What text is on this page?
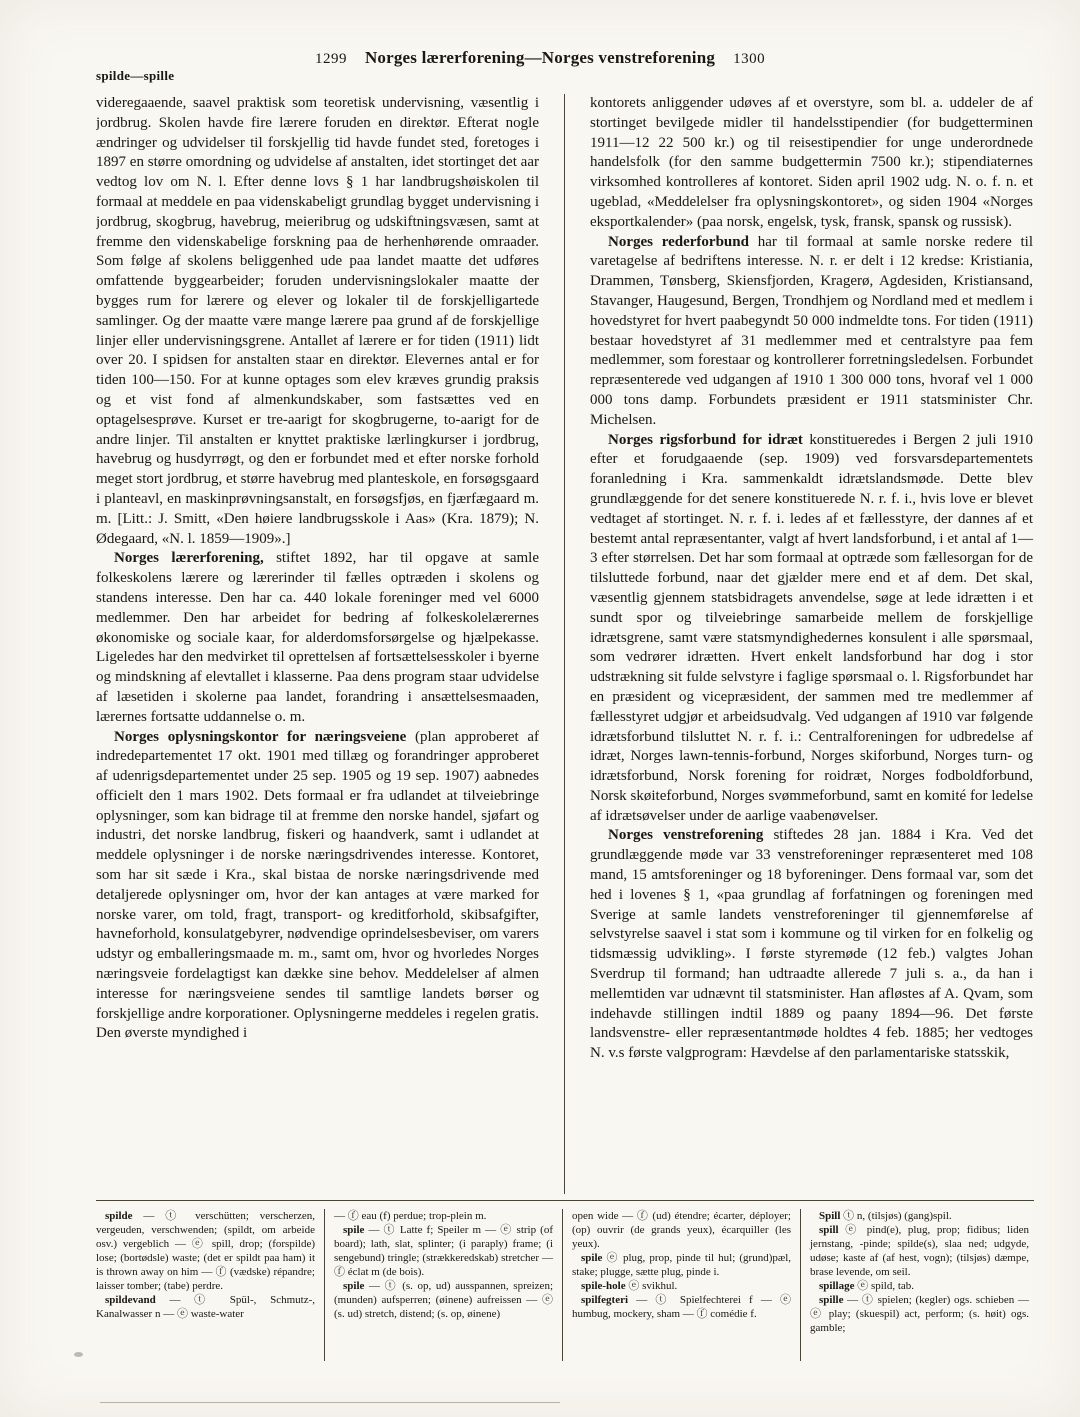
1299 Norges lærerforening—Norges venstreforening 1300
spilde—spille

videregaaende, saavel praktisk som teoretisk undervisning, væsentlig i jordbrug. Skolen havde fire lærere foruden en direktør. Efterat nogle ændringer og udvidelser til forskjellig tid havde fundet sted, foretoges i 1897 en større omordning og udvidelse af anstalten, idet stortinget det aar vedtog lov om N. l. Efter denne lovs § 1 har landbrugshøiskolen til formaal at meddele en paa videnskabeligt grundlag bygget undervisning i jordbrug, skogbrug, havebrug, meieribrug og udskiftningsvæsen, samt at fremme den videnskabelige forskning paa de herhenhørende omraader. Som følge af skolens beliggenhed ude paa landet maatte det udføres omfattende byggearbeider; foruden undervisningslokaler maatte der bygges rum for lærere og elever og lokaler til de forskjelligartede samlinger. Og der maatte være mange lærere paa grund af de forskjellige linjer eller undervisningsgrene. Antallet af lærere er for tiden (1911) lidt over 20. I spidsen for anstalten staar en direktør. Elevernes antal er for tiden 100—150. For at kunne optages som elev kræves grundig praksis og et vist fond af almenkundskaber, som fastsættes ved en optagelsesprøve. Kurset er tre-aarigt for skogbrugerne, to-aarigt for de andre linjer. Til anstalten er knyttet praktiske lærlingkurser i jordbrug, havebrug og husdyrrøgt, og den er forbundet med et efter norske forhold meget stort jordbrug, et større havebrug med planteskole, en forsøgsgaard i planteavl, en maskinprøvningsanstalt, en forsøgsfjøs, en fjærfægaard m. m. [Litt.: J. Smitt, «Den høiere landbrugsskole i Aas» (Kra. 1879); N. Ødegaard, «N. l. 1859—1909».]

Norges lærerforening, stiftet 1892, har til opgave at samle folkeskolens lærere og lærerinder til fælles optræden i skolens og standens interesse. Den har ca. 440 lokale foreninger med vel 6000 medlemmer. Den har arbeidet for bedring af folkeskolelærernes økonomiske og sociale kaar, for alderdomsforsørgelse og hjælpekasse. Ligeledes har den medvirket til oprettelsen af fortsættelsesskoler i byerne og mindskning af elevtallet i klasserne. Paa dens program staar udvidelse af læsetiden i skolerne paa landet, forandring i ansættelsesmaaden, lærernes fortsatte uddannelse o. m.

Norges oplysningskontor for næringsveiene (plan approberet af indredepartementet 17 okt. 1901 med tillæg og forandringer approberet af udenrigsdepartementet under 25 sep. 1905 og 19 sep. 1907) aabnedes officielt den 1 mars 1902. Dets formaal er fra udlandet at tilveiebringe oplysninger, som kan bidrage til at fremme den norske handel, sjøfart og industri, det norske landbrug, fiskeri og haandverk, samt i udlandet at meddele oplysninger i de norske næringsdrivendes interesse. Kontoret, som har sit sæde i Kra., skal bistaa de norske næringsdrivende med detaljerede oplysninger om, hvor der kan antages at være marked for norske varer, om told, fragt, transport- og kreditforhold, skibsafgifter, havneforhold, konsulatgebyrer, nødvendige oprindelsesbeviser, om varers udstyr og emballeringsmaade m. m., samt om, hvor og hvorledes Norges næringsveie fordelagtigst kan dække sine behov. Meddelelser af almen interesse for næringsveiene sendes til samtlige landets børser og forskjellige andre korporationer. Oplysningerne meddeles i regelen gratis. Den øverste myndighed i

kontorets anliggender udøves af et overstyre, som bl. a. uddeler de af stortinget bevilgede midler til handelsstipendier (for budgetterminen 1911—12 22 500 kr.) og til reisestipendier for unge underordnede handelsfolk (for den samme budgettermin 7500 kr.); stipendiaternes virksomhed kontrolleres af kontoret. Siden april 1902 udg. N. o. f. n. et ugeblad, «Meddelelser fra oplysningskontoret», og siden 1904 «Norges eksportkalender» (paa norsk, engelsk, tysk, fransk, spansk og russisk).

Norges rederforbund har til formaal at samle norske redere til varetagelse af bedriftens interesse. N. r. er delt i 12 kredse: Kristiania, Drammen, Tønsberg, Skiensfjorden, Kragerø, Agdesiden, Kristiansand, Stavanger, Haugesund, Bergen, Trondhjem og Nordland med et medlem i hovedstyret for hvert paabegyndt 50 000 indmeldte tons. For tiden (1911) bestaar hovedstyret af 31 medlemmer med et centralstyre paa fem medlemmer, som forestaar og kontrollerer forretningsledelsen. Forbundet repræsenterede ved udgangen af 1910 1 300 000 tons, hvoraf vel 1 000 000 tons damp. Forbundets præsident er 1911 statsminister Chr. Michelsen.

Norges rigsforbund for idræt konstitueredes i Bergen 2 juli 1910 efter et forudgaaende (sep. 1909) ved forsvarsdepartementets foranledning i Kra. sammenkaldt idrætslandsmøde. Dette blev grundlæggende for det senere konstituerede N. r. f. i., hvis love er blevet vedtaget af stortinget. N. r. f. i. ledes af et fællesstyre, der dannes af et bestemt antal repræsentanter, valgt af hvert landsforbund, i et antal af 1—3 efter størrelsen. Det har som formaal at optræde som fællesorgan for de tilsluttede forbund, naar det gjælder mere end et af dem. Det skal, væsentlig gjennem statsbidragets anvendelse, søge at lede idrætten i et sundt spor og tilveiebringe samarbeide mellem de forskjellige idrætsgrene, samt være statsmyndighedernes konsulent i alle spørsmaal, som vedrører idrætten. Hvert enkelt landsforbund har dog i stor udstrækning sit fulde selvstyre i faglige spørsmaal o. l. Rigsforbundet har en præsident og vicepræsident, der sammen med tre medlemmer af fællesstyret udgjør et arbeidsudvalg. Ved udgangen af 1910 var følgende idrætsforbund tilsluttet N. r. f. i.: Centralforeningen for udbredelse af idræt, Norges lawn-tennis-forbund, Norges skiforbund, Norges turn- og idrætsforbund, Norsk forening for roidræt, Norges fodboldforbund, Norsk skøiteforbund, Norges svømmeforbund, samt en komité for ledelse af idrætsøvelser under de aarlige vaabenøvelser.

Norges venstreforening stiftedes 28 jan. 1884 i Kra. Ved det grundlæggende møde var 33 venstreforeninger repræsenteret med 108 mand, 15 amtsforeninger og 18 byforeninger. Dens formaal var, som det hed i lovenes § 1, «paa grundlag af forfatningen og foreningen med Sverige at samle landets venstreforeninger til gjennemførelse af selvstyrelse saavel i stat som i kommune og til virken for en folkelig og tidsmæssig udvikling». I første styremøde (12 feb.) valgtes Johan Sverdrup til formand; han udtraadte allerede 7 juli s. a., da han i mellemtiden var udnævnt til statsminister. Han afløstes af A. Qvam, som indehavde stillingen indtil 1889 og paany 1894—96. Det første landsvenstre- eller repræsentantmøde holdtes 4 feb. 1885; her vedtoges N. v.s første valgprogram: Hævdelse af den parlamentariske statsskik,

spilde — ⓣ verschütten; verscherzen, vergeuden, verschwenden; (spildt, om arbeide osv.) vergeblich — ⓔ spill, drop; (forspilde) lose; (bortødsle) waste; (det er spildt paa ham) it is thrown away on him — ⓕ (vædske) répandre; laisser tomber; (tabe) perdre.

spildevand — ⓣ Spül-, Schmutz-, Kanalwasser n — ⓔ waste-water

— ⓕ eau (f) perdue; trop-plein m.

spile — ⓣ Latte f; Speiler m — ⓔ strip (of board); lath, slat, splinter; (i paraply) frame; (i sengebund) tringle; (strækkeredskab) stretcher — ⓕ éclat m (de bois).

spile — ⓣ (s. op, ud) ausspannen, spreizen; (munden) aufsperren; (øinene) aufreissen — ⓔ (s. ud) stretch, distend; (s. op, øinene)

open wide — ⓕ (ud) étendre; écarter, déployer; (op) ouvrir (de grands yeux), écarquiller (les yeux).

spile ⓔ plug, prop, pinde til hul; (grund)pæl, stake; plugge, sætte plug, pinde i.

spile-hole ⓔ svikhul.

spilfegteri — ⓣ Spielfechterei f — ⓔ humbug, mockery, sham — ⓕ comédie f.

Spill ⓣ n, (tilsjøs) (gang)spil.

spill ⓔ pind(e), plug, prop; fidibus; liden jernstang, -pinde; spilde(s), slaa ned; udgyde, udøse; kaste af (af hest, vogn); (tilsjøs) dæmpe, brase levende, om seil.

spillage ⓔ spild, tab.

spille — ⓣ spielen; (kegler) ogs. schieben — ⓔ play; (skuespil) act, perform; (s. høit) ogs. gamble;
